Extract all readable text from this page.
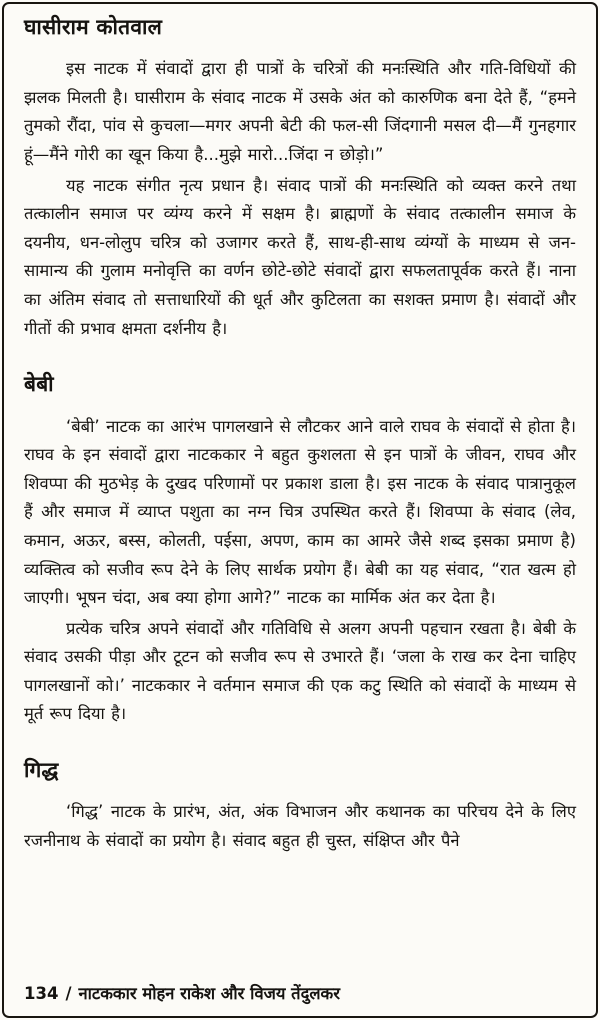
घासीराम कोतवाल

इस नाटक में संवादों द्वारा ही पात्रों के चरित्रों की मनःस्थिति और गति-विधियों की झलक मिलती है। घासीराम के संवाद नाटक में उसके अंत को कारुणिक बना देते हैं, “हमने तुमको रौंदा, पांव से कुचला—मगर अपनी बेटी की फल-सी जिंदगानी मसल दी—मैं गुनहगार हूं—मैंने गोरी का खून किया है...मुझे मारो...जिंदा न छोड़ो।”

यह नाटक संगीत नृत्य प्रधान है। संवाद पात्रों की मनःस्थिति को व्यक्त करने तथा तत्कालीन समाज पर व्यंग्य करने में सक्षम है। ब्राह्मणों के संवाद तत्कालीन समाज के दयनीय, धन-लोलुप चरित्र को उजागर करते हैं, साथ-ही-साथ व्यंग्यों के माध्यम से जन-सामान्य की गुलाम मनोवृत्ति का वर्णन छोटे-छोटे संवादों द्वारा सफलतापूर्वक करते हैं। नाना का अंतिम संवाद तो सत्ताधारियों की धूर्त और कुटिलता का सशक्त प्रमाण है। संवादों और गीतों की प्रभाव क्षमता दर्शनीय है।

बेबी

‘बेबी’ नाटक का आरंभ पागलखाने से लौटकर आने वाले राघव के संवादों से होता है। राघव के इन संवादों द्वारा नाटककार ने बहुत कुशलता से इन पात्रों के जीवन, राघव और शिवप्पा की मुठभेड़ के दुखद परिणामों पर प्रकाश डाला है। इस नाटक के संवाद पात्रानुकूल हैं और समाज में व्याप्त पशुता का नग्न चित्र उपस्थित करते हैं। शिवप्पा के संवाद (लेव, कमान, अऊर, बस्स, कोलती, पईसा, अपण, काम का आमरे जैसे शब्द इसका प्रमाण है) व्यक्तित्व को सजीव रूप देने के लिए सार्थक प्रयोग हैं। बेबी का यह संवाद, “रात खत्म हो जाएगी। भूषन चंदा, अब क्या होगा आगे?” नाटक का मार्मिक अंत कर देता है।

प्रत्येक चरित्र अपने संवादों और गतिविधि से अलग अपनी पहचान रखता है। बेबी के संवाद उसकी पीड़ा और टूटन को सजीव रूप से उभारते हैं। ‘जला के राख कर देना चाहिए पागलखानों को।’ नाटककार ने वर्तमान समाज की एक कटु स्थिति को संवादों के माध्यम से मूर्त रूप दिया है।

गिद्ध

‘गिद्ध’ नाटक के प्रारंभ, अंत, अंक विभाजन और कथानक का परिचय देने के लिए रजनीनाथ के संवादों का प्रयोग है। संवाद बहुत ही चुस्त, संक्षिप्त और पैने

134 / नाटककार मोहन राकेश और विजय तेंदुलकर
